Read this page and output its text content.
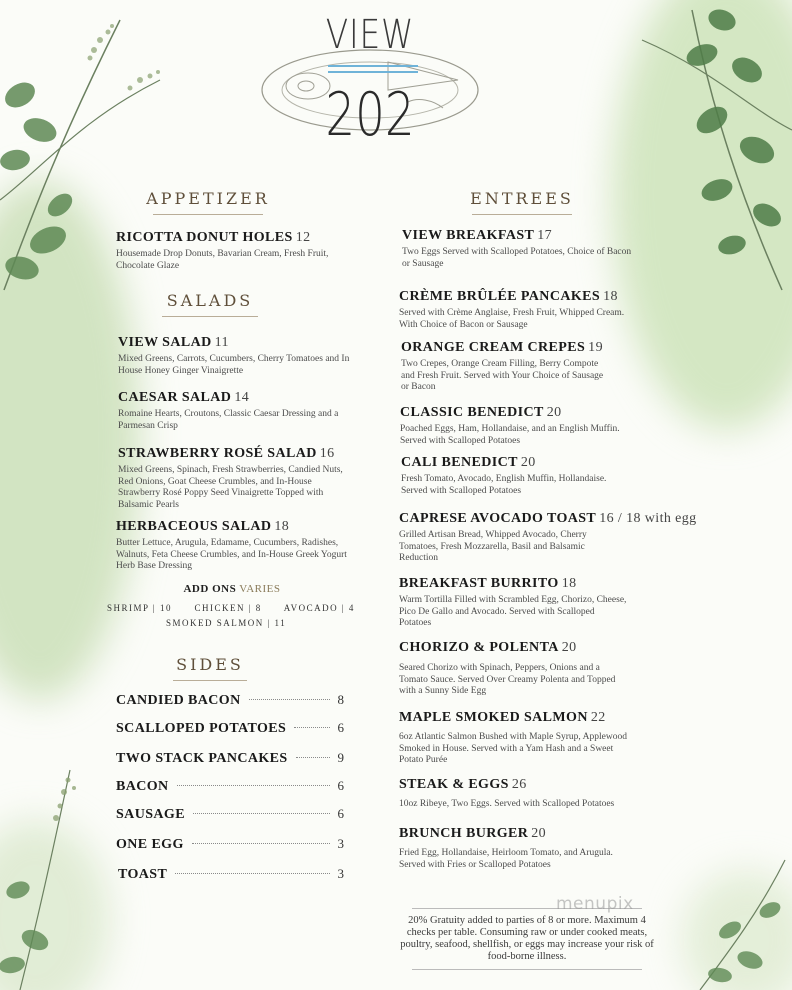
VIEW
202
APPETIZER
RICOTTA DONUT HOLES 12
Housemade Drop Donuts, Bavarian Cream, Fresh Fruit, Chocolate Glaze
SALADS
VIEW SALAD 11
Mixed Greens, Carrots, Cucumbers, Cherry Tomatoes and In House Honey Ginger Vinaigrette
CAESAR SALAD 14
Romaine Hearts, Croutons, Classic Caesar Dressing and a Parmesan Crisp
STRAWBERRY ROSÉ SALAD 16
Mixed Greens, Spinach, Fresh Strawberries, Candied Nuts, Red Onions, Goat Cheese Crumbles, and In-House Strawberry Rosé Poppy Seed Vinaigrette Topped with Balsamic Pearls
HERBACEOUS SALAD 18
Butter Lettuce, Arugula, Edamame, Cucumbers, Radishes, Walnuts, Feta Cheese Crumbles, and In-House Greek Yogurt Herb Base Dressing
ADD ONS VARIES
SHRIMP | 10      CHICKEN | 8      AVOCADO | 4
SMOKED SALMON | 11
SIDES
CANDIED BACON	8
SCALLOPED POTATOES	6
TWO STACK PANCAKES	9
BACON	6
SAUSAGE	6
ONE EGG	3
TOAST	3
ENTREES
VIEW BREAKFAST 17
Two Eggs Served with Scalloped Potatoes, Choice of Bacon or Sausage
CRÈME BRÛLÉE PANCAKES 18
Served with Crème Anglaise, Fresh Fruit, Whipped Cream. With Choice of Bacon or Sausage
ORANGE CREAM CREPES 19
Two Crepes, Orange Cream Filling, Berry Compote and Fresh Fruit. Served with Your Choice of Sausage or Bacon
CLASSIC BENEDICT 20
Poached Eggs, Ham, Hollandaise, and an English Muffin. Served with Scalloped Potatoes
CALI BENEDICT 20
Fresh Tomato, Avocado, English Muffin, Hollandaise. Served with Scalloped Potatoes
CAPRESE AVOCADO TOAST 16 / 18 with egg
Grilled Artisan Bread, Whipped Avocado, Cherry Tomatoes, Fresh Mozzarella, Basil and Balsamic Reduction
BREAKFAST BURRITO 18
Warm Tortilla Filled with Scrambled Egg, Chorizo, Cheese, Pico De Gallo and Avocado. Served with Scalloped Potatoes
CHORIZO & POLENTA 20
Seared Chorizo with Spinach, Peppers, Onions and a Tomato Sauce. Served Over Creamy Polenta and Topped with a Sunny Side Egg
MAPLE SMOKED SALMON 22
6oz Atlantic Salmon Bushed with Maple Syrup, Applewood Smoked in House. Served with a Yam Hash and a Sweet Potato Purée
STEAK & EGGS 26
10oz Ribeye, Two Eggs. Served with Scalloped Potatoes
BRUNCH BURGER 20
Fried Egg, Hollandaise, Heirloom Tomato, and Arugula. Served with Fries or Scalloped Potatoes

20% Gratuity added to parties of 8 or more. Maximum 4 checks per table. Consuming raw or under cooked meats, poultry, seafood, shellfish, or eggs may increase your risk of food-borne illness.

menupix
